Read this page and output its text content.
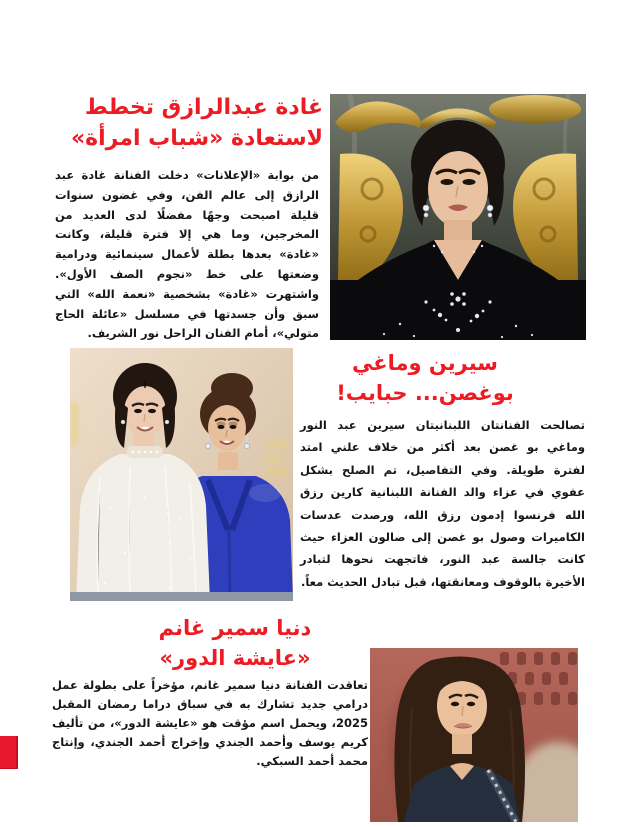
غادة عبدالرازق تخطط
لاستعادة «شباب امرأة»

من بوابة «الإعلانات» دخلت الفنانة غادة عبد الرازق إلى عالم الفن، وفي غضون سنوات قليلة اصبحت وجهًا مفضلًا لدى العديد من المخرجين، وما هي إلا فترة قليلة، وكانت «غادة» بعدها بطلة لأعمال سينمائية ودرامية وضعتها على خط «نجوم الصف الأول». واشتهرت «غادة» بشخصية «نعمة الله» التي سبق وأن جسدتها في مسلسل «عائلة الحاج متولي»، أمام الفنان الراحل نور الشريف.

سيرين وماغي
بوغصن... حبايب!

تصالحت الفنانتان اللبنانيتان سيرين عبد النور وماغي بو غصن بعد أكثر من خلاف علني امتد لفترة طويلة. وفي التفاصيل، تم الصلح بشكل عفوي في عزاء والد الفنانة اللبنانية كارين رزق الله فرنسوا إدمون رزق الله، ورصدت عدسات الكاميرات وصول بو غصن إلى صالون العزاء حيث كانت جالسة عبد النور، فاتجهت نحوها لتبادر الأخيرة بالوقوف ومعانقتها، قبل تبادل الحديث معاً.

دنيا سمير غانم
«عايشة الدور»

تعاقدت الفنانة دنيا سمير غانم، مؤخراً على بطولة عمل درامي جديد تشارك به في سباق دراما رمضان المقبل 2025، ويحمل اسم مؤقت هو «عايشة الدور»، من تأليف كريم يوسف وأحمد الجندي وإخراج أحمد الجندي، وإنتاج محمد أحمد السبكي.
